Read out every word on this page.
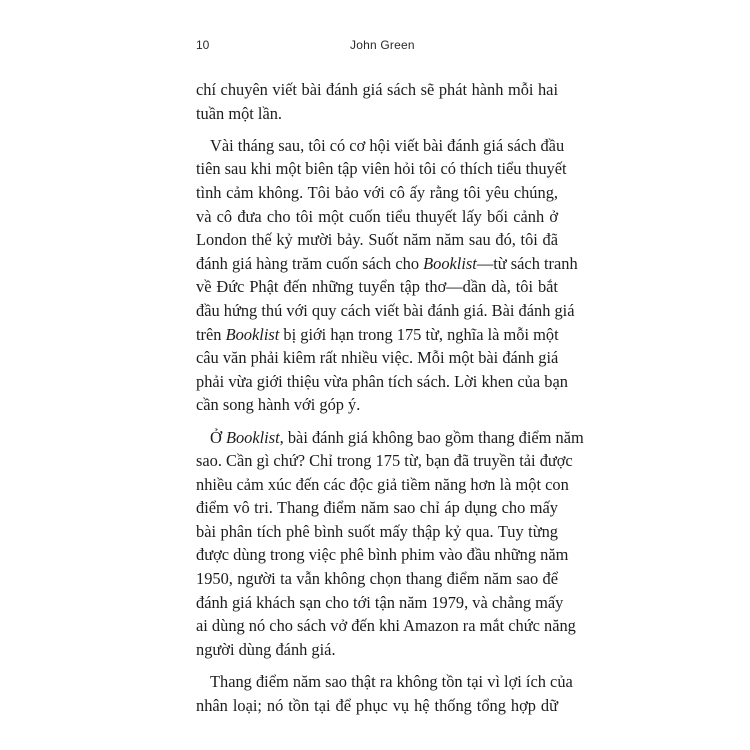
10	John Green

chí chuyên viết bài đánh giá sách sẽ phát hành mỗi hai
tuần một lần.

Vài tháng sau, tôi có cơ hội viết bài đánh giá sách đầu
tiên sau khi một biên tập viên hỏi tôi có thích tiểu thuyết
tình cảm không. Tôi bảo với cô ấy rằng tôi yêu chúng,
và cô đưa cho tôi một cuốn tiểu thuyết lấy bối cảnh ở
London thế kỷ mười bảy. Suốt năm năm sau đó, tôi đã
đánh giá hàng trăm cuốn sách cho Booklist—từ sách tranh
về Đức Phật đến những tuyển tập thơ—dần dà, tôi bắt
đầu hứng thú với quy cách viết bài đánh giá. Bài đánh giá
trên Booklist bị giới hạn trong 175 từ, nghĩa là mỗi một
câu văn phải kiêm rất nhiều việc. Mỗi một bài đánh giá
phải vừa giới thiệu vừa phân tích sách. Lời khen của bạn
cần song hành với góp ý.

Ở Booklist, bài đánh giá không bao gồm thang điểm năm
sao. Cần gì chứ? Chỉ trong 175 từ, bạn đã truyền tải được
nhiều cảm xúc đến các độc giả tiềm năng hơn là một con
điểm vô tri. Thang điểm năm sao chỉ áp dụng cho mấy
bài phân tích phê bình suốt mấy thập kỷ qua. Tuy từng
được dùng trong việc phê bình phim vào đầu những năm
1950, người ta vẫn không chọn thang điểm năm sao để
đánh giá khách sạn cho tới tận năm 1979, và chẳng mấy
ai dùng nó cho sách vở đến khi Amazon ra mắt chức năng
người dùng đánh giá.

Thang điểm năm sao thật ra không tồn tại vì lợi ích của
nhân loại; nó tồn tại để phục vụ hệ thống tổng hợp dữ
